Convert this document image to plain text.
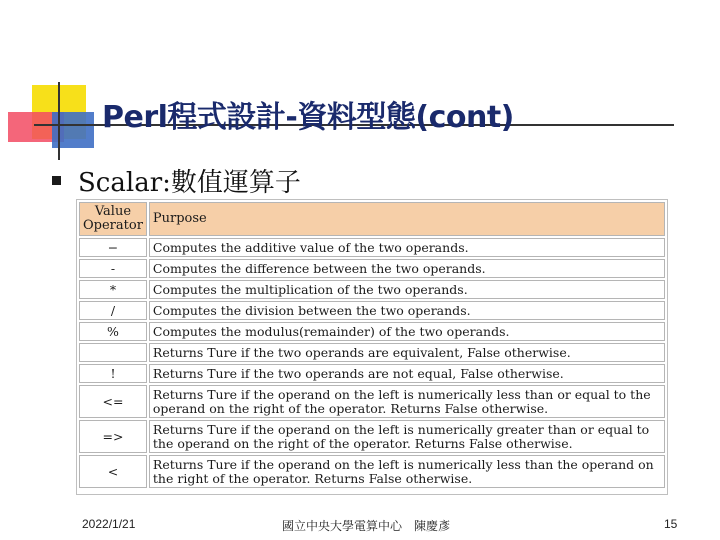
Perl程式設計-資料型態(cont)
Scalar:數值運算子
Value
Operator	Purpose
−	Computes the additive value of the two operands.
-	Computes the difference between the two operands.
*	Computes the multiplication of the two operands.
/	Computes the division between the two operands.
%	Computes the modulus(remainder) of the two operands.
	Returns Ture if the two operands are equivalent, False otherwise.
!	Returns Ture if the two operands are not equal, False otherwise.
<=	Returns Ture if the operand on the left is numerically less than or equal to the operand on the right of the operator. Returns False otherwise.
=>	Returns Ture if the operand on the left is numerically greater than or equal to the operand on the right of the operator. Returns False otherwise.
<	Returns Ture if the operand on the left is numerically less than the operand on the right of the operator. Returns False otherwise.
2022/1/21	國立中央大學電算中心　陳慶彥	15
